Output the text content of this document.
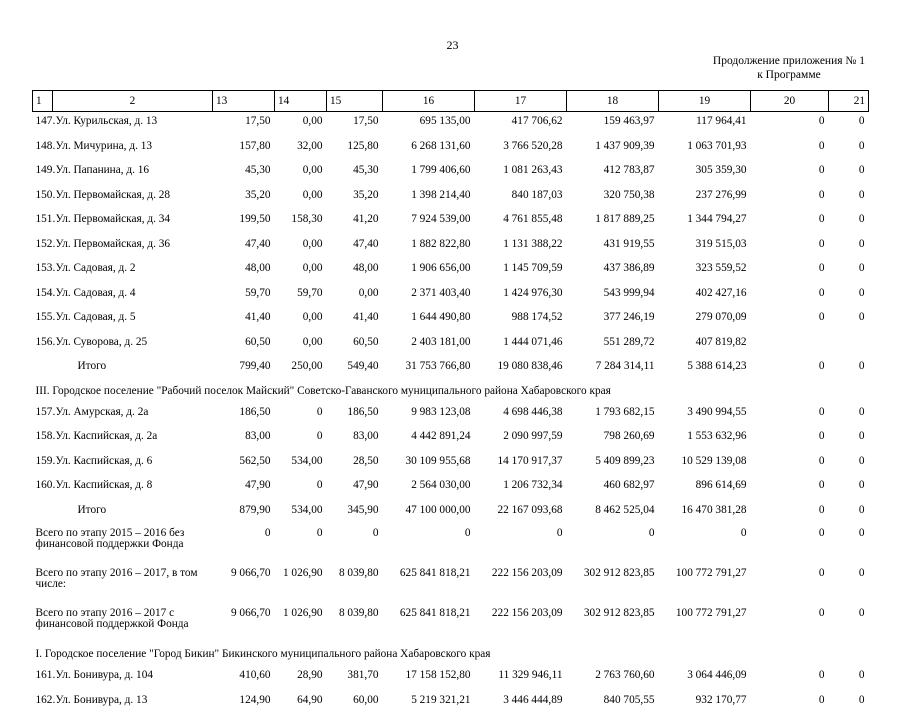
23
Продолжение приложения № 1
к Программе
1	2	13	14	15	16	17	18	19	20	21
147.	Ул. Курильская, д. 13	17,50	0,00	17,50	695 135,00	417 706,62	159 463,97	117 964,41	0	0
148.	Ул. Мичурина, д. 13	157,80	32,00	125,80	6 268 131,60	3 766 520,28	1 437 909,39	1 063 701,93	0	0
149.	Ул. Папанина, д. 16	45,30	0,00	45,30	1 799 406,60	1 081 263,43	412 783,87	305 359,30	0	0
150.	Ул. Первомайская, д. 28	35,20	0,00	35,20	1 398 214,40	840 187,03	320 750,38	237 276,99	0	0
151.	Ул. Первомайская, д. 34	199,50	158,30	41,20	7 924 539,00	4 761 855,48	1 817 889,25	1 344 794,27	0	0
152.	Ул. Первомайская, д. 36	47,40	0,00	47,40	1 882 822,80	1 131 388,22	431 919,55	319 515,03	0	0
153.	Ул. Садовая, д. 2	48,00	0,00	48,00	1 906 656,00	1 145 709,59	437 386,89	323 559,52	0	0
154.	Ул. Садовая, д. 4	59,70	59,70	0,00	2 371 403,40	1 424 976,30	543 999,94	402 427,16	0	0
155.	Ул. Садовая, д. 5	41,40	0,00	41,40	1 644 490,80	988 174,52	377 246,19	279 070,09	0	0
156.	Ул. Суворова, д. 25	60,50	0,00	60,50	2 403 181,00	1 444 071,46	551 289,72	407 819,82		
	Итого	799,40	250,00	549,40	31 753 766,80	19 080 838,46	7 284 314,11	5 388 614,23	0	0
III. Городское поселение "Рабочий поселок Майский" Советско-Гаванского муниципального района Хабаровского края										
157.	Ул. Амурская, д. 2а	186,50	0	186,50	9 983 123,08	4 698 446,38	1 793 682,15	3 490 994,55	0	0
158.	Ул. Каспийская, д. 2а	83,00	0	83,00	4 442 891,24	2 090 997,59	798 260,69	1 553 632,96	0	0
159.	Ул. Каспийская, д. 6	562,50	534,00	28,50	30 109 955,68	14 170 917,37	5 409 899,23	10 529 139,08	0	0
160.	Ул. Каспийская, д. 8	47,90	0	47,90	2 564 030,00	1 206 732,34	460 682,97	896 614,69	0	0
	Итого	879,90	534,00	345,90	47 100 000,00	22 167 093,68	8 462 525,04	16 470 381,28	0	0
Всего по этапу 2015 – 2016 без финансовой поддержки Фонда		0	0	0	0	0	0	0	0	0
Всего по этапу 2016 – 2017, в том числе:		9 066,70	1 026,90	8 039,80	625 841 818,21	222 156 203,09	302 912 823,85	100 772 791,27	0	0
Всего по этапу 2016 – 2017 с финансовой поддержкой Фонда		9 066,70	1 026,90	8 039,80	625 841 818,21	222 156 203,09	302 912 823,85	100 772 791,27	0	0
I. Городское поселение "Город Бикин" Бикинского муниципального района Хабаровского края										
161.	Ул. Бонивура, д. 104	410,60	28,90	381,70	17 158 152,80	11 329 946,11	2 763 760,60	3 064 446,09	0	0
162.	Ул. Бонивура, д. 13	124,90	64,90	60,00	5 219 321,21	3 446 444,89	840 705,55	932 170,77	0	0
